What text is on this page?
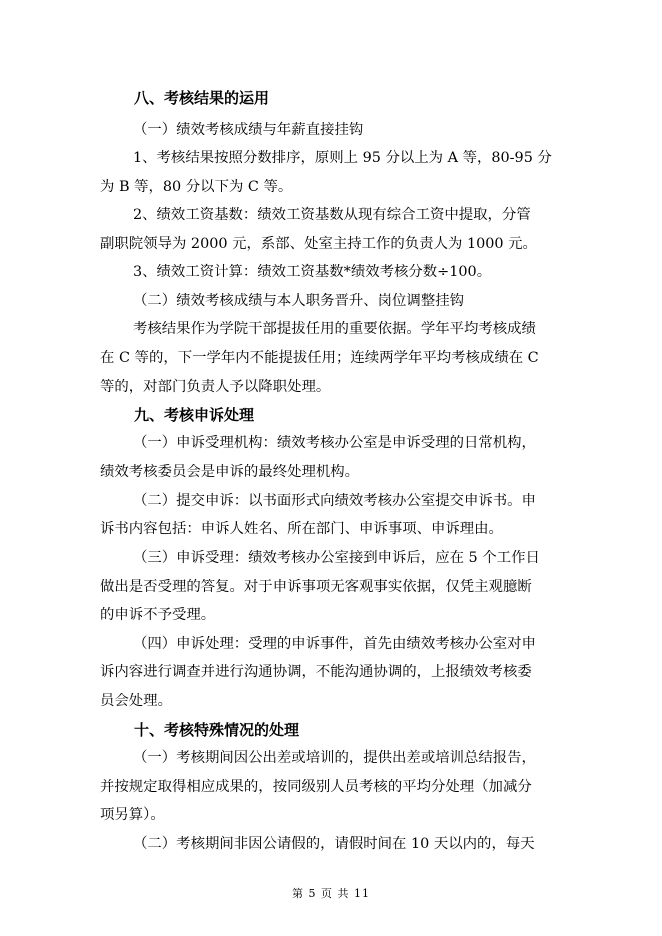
八、考核结果的运用
（一）绩效考核成绩与年薪直接挂钩
1、考核结果按照分数排序，原则上 95 分以上为 A 等，80-95 分
为 B 等，80 分以下为 C 等。
2、绩效工资基数：绩效工资基数从现有综合工资中提取，分管
副职院领导为 2000 元，系部、处室主持工作的负责人为 1000 元。
3、绩效工资计算：绩效工资基数*绩效考核分数÷100。
（二）绩效考核成绩与本人职务晋升、岗位调整挂钩
考核结果作为学院干部提拔任用的重要依据。学年平均考核成绩
在 C 等的，下一学年内不能提拔任用；连续两学年平均考核成绩在 C
等的，对部门负责人予以降职处理。
九、考核申诉处理
（一）申诉受理机构：绩效考核办公室是申诉受理的日常机构，
绩效考核委员会是申诉的最终处理机构。
（二）提交申诉：以书面形式向绩效考核办公室提交申诉书。申
诉书内容包括：申诉人姓名、所在部门、申诉事项、申诉理由。
（三）申诉受理：绩效考核办公室接到申诉后，应在 5 个工作日
做出是否受理的答复。对于申诉事项无客观事实依据，仅凭主观臆断
的申诉不予受理。
（四）申诉处理：受理的申诉事件，首先由绩效考核办公室对申
诉内容进行调查并进行沟通协调，不能沟通协调的，上报绩效考核委
员会处理。
十、考核特殊情况的处理
（一）考核期间因公出差或培训的，提供出差或培训总结报告，
并按规定取得相应成果的，按同级别人员考核的平均分处理（加减分
项另算）。
（二）考核期间非因公请假的，请假时间在 10 天以内的，每天
第 5 页 共 11
